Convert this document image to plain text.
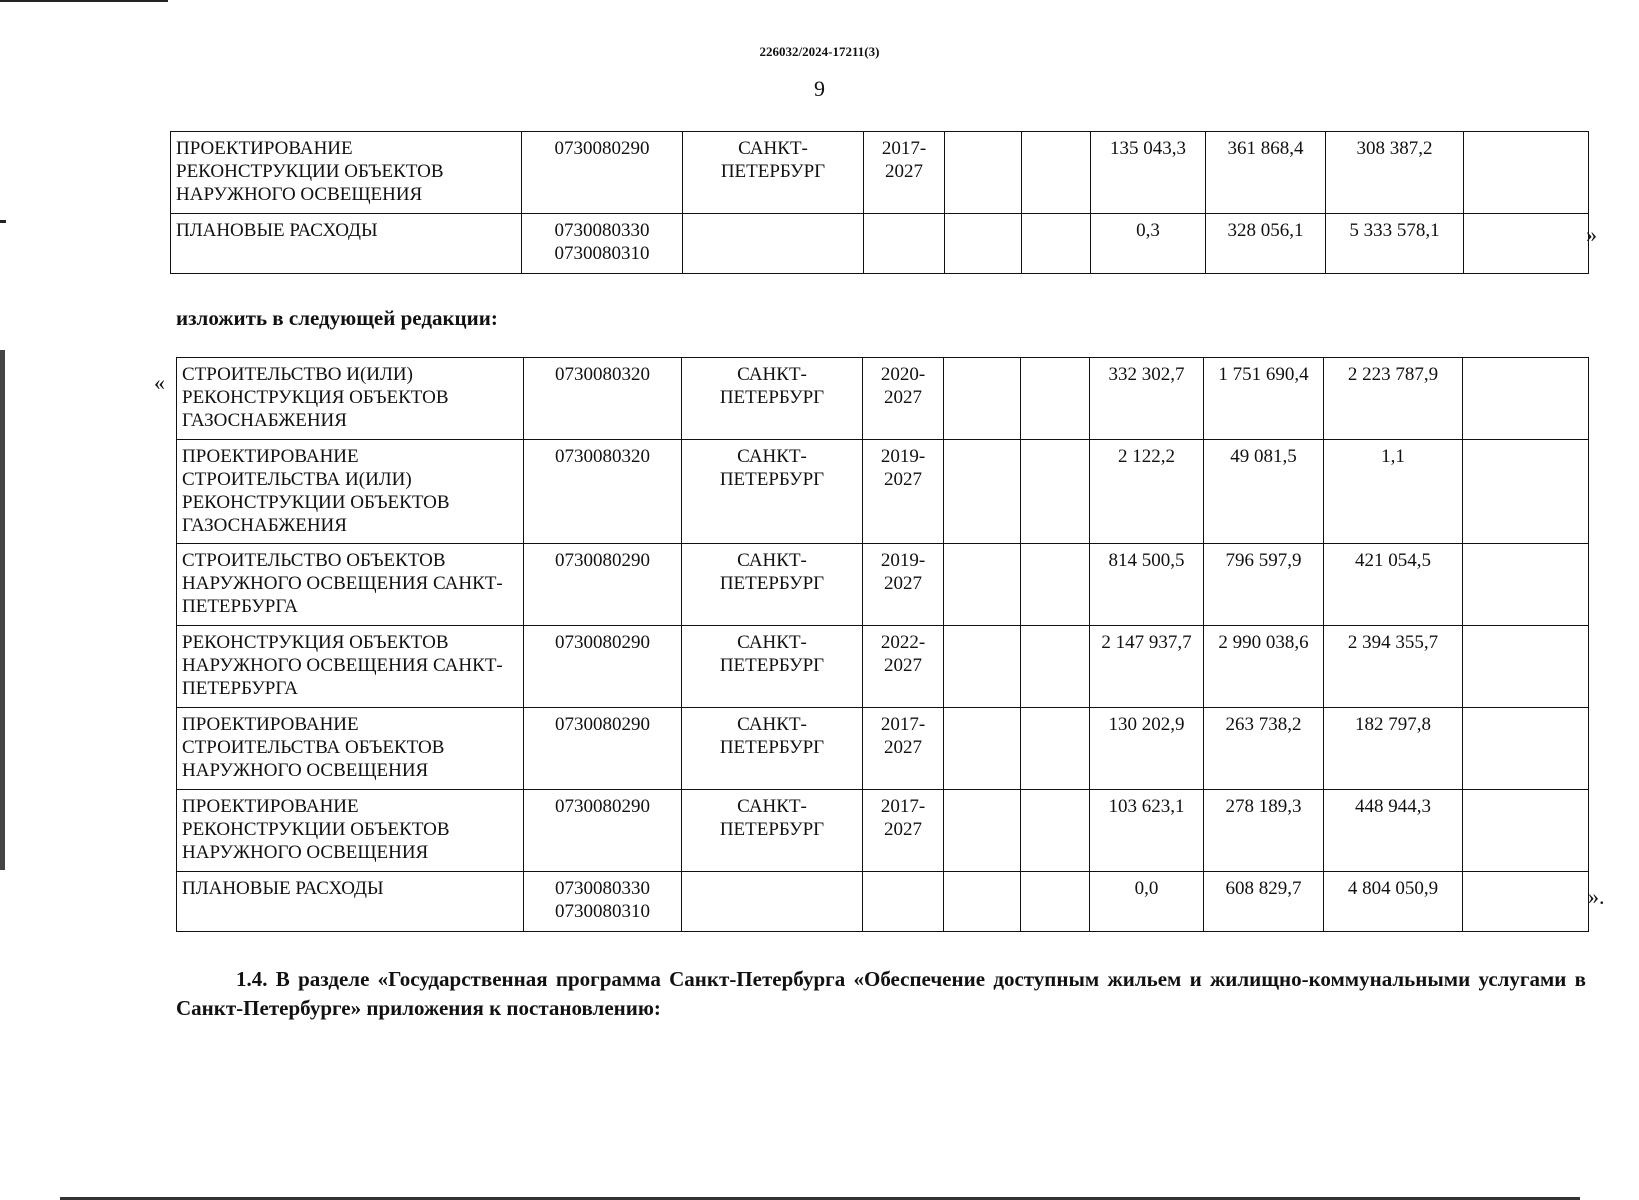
226032/2024-17211(3)
9
ПРОЕКТИРОВАНИЕ РЕКОНСТРУКЦИИ ОБЪЕКТОВ НАРУЖНОГО ОСВЕЩЕНИЯ	0730080290	САНКТ-ПЕТЕРБУРГ	2017-2027			135 043,3	361 868,4	308 387,2	
ПЛАНОВЫЕ РАСХОДЫ	0730080330 0730080310					0,3	328 056,1	5 333 578,1		»
изложить в следующей редакции:
« СТРОИТЕЛЬСТВО И(ИЛИ) РЕКОНСТРУКЦИЯ ОБЪЕКТОВ ГАЗОСНАБЖЕНИЯ	0730080320	САНКТ-ПЕТЕРБУРГ	2020-2027			332 302,7	1 751 690,4	2 223 787,9	
ПРОЕКТИРОВАНИЕ СТРОИТЕЛЬСТВА И(ИЛИ) РЕКОНСТРУКЦИИ ОБЪЕКТОВ ГАЗОСНАБЖЕНИЯ	0730080320	САНКТ-ПЕТЕРБУРГ	2019-2027			2 122,2	49 081,5	1,1	
СТРОИТЕЛЬСТВО ОБЪЕКТОВ НАРУЖНОГО ОСВЕЩЕНИЯ САНКТ-ПЕТЕРБУРГА	0730080290	САНКТ-ПЕТЕРБУРГ	2019-2027			814 500,5	796 597,9	421 054,5	
РЕКОНСТРУКЦИЯ ОБЪЕКТОВ НАРУЖНОГО ОСВЕЩЕНИЯ САНКТ-ПЕТЕРБУРГА	0730080290	САНКТ-ПЕТЕРБУРГ	2022-2027			2 147 937,7	2 990 038,6	2 394 355,7	
ПРОЕКТИРОВАНИЕ СТРОИТЕЛЬСТВА ОБЪЕКТОВ НАРУЖНОГО ОСВЕЩЕНИЯ	0730080290	САНКТ-ПЕТЕРБУРГ	2017-2027			130 202,9	263 738,2	182 797,8	
ПРОЕКТИРОВАНИЕ РЕКОНСТРУКЦИИ ОБЪЕКТОВ НАРУЖНОГО ОСВЕЩЕНИЯ	0730080290	САНКТ-ПЕТЕРБУРГ	2017-2027			103 623,1	278 189,3	448 944,3	
ПЛАНОВЫЕ РАСХОДЫ	0730080330 0730080310					0,0	608 829,7	4 804 050,9		».
1.4. В разделе «Государственная программа Санкт-Петербурга «Обеспечение доступным жильем и жилищно-коммунальными услугами в Санкт-Петербурге» приложения к постановлению:
